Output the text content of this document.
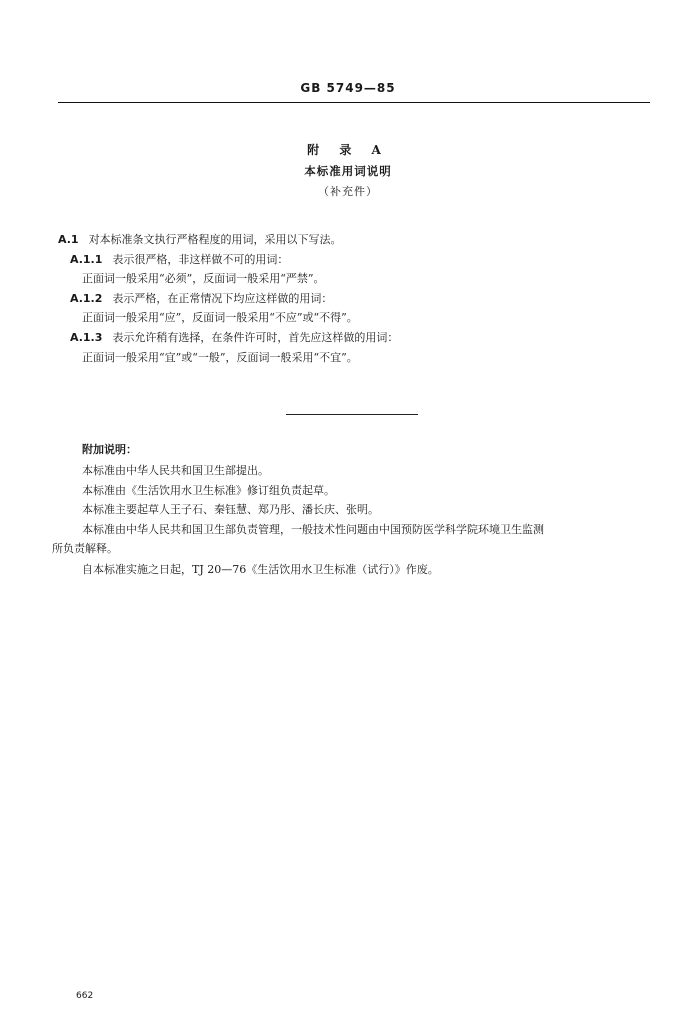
GB 5749—85
附 录 A
本标准用词说明
（补充件）
A.1 对本标准条文执行严格程度的用词，采用以下写法。
A.1.1 表示很严格，非这样做不可的用词：
正面词一般采用“必须”，反面词一般采用“严禁”。
A.1.2 表示严格，在正常情况下均应这样做的用词：
正面词一般采用“应”，反面词一般采用“不应”或“不得”。
A.1.3 表示允许稍有选择，在条件许可时，首先应这样做的用词：
正面词一般采用“宜”或“一般”，反面词一般采用“不宜”。
附加说明：
本标准由中华人民共和国卫生部提出。
本标准由《生活饮用水卫生标准》修订组负责起草。
本标准主要起草人王子石、秦钰慧、郑乃彤、潘长庆、张明。
本标准由中华人民共和国卫生部负责管理，一般技术性问题由中国预防医学科学院环境卫生监测
所负责解释。
自本标准实施之日起，TJ 20—76《生活饮用水卫生标准（试行）》作废。
662
